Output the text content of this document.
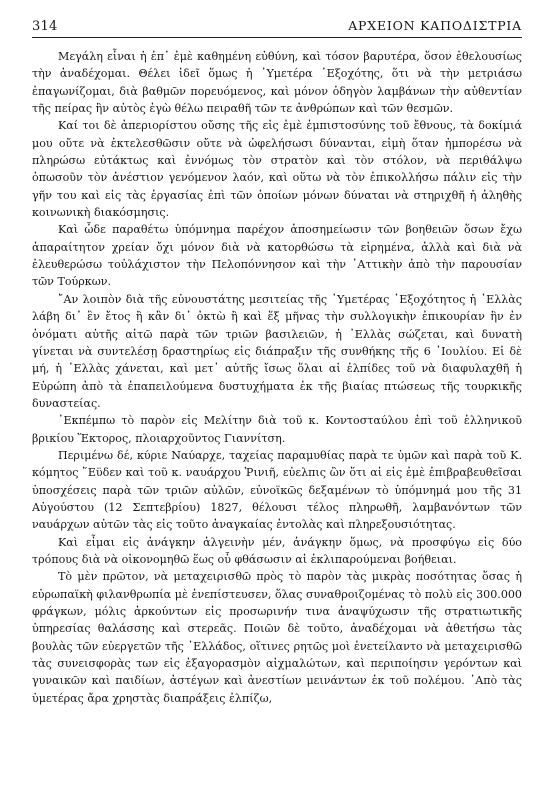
314	ΑΡΧΕΙΟΝ ΚΑΠΟΔΙΣΤΡΙΑ

Μεγάλη εἶναι ἡ ἐπ᾽ ἐμὲ καθημένη εὐθύνη, καὶ τόσον βαρυτέρα, ὅσον ἐθελουσίως τὴν ἀναδέχομαι. Θέλει ἰδεῖ ὅμως ἡ ᾽Υμετέρα ᾽Εξοχότης, ὅτι νὰ τὴν μετριάσω ἐπαγωνίζομαι, διὰ βαθμῶν πορευόμενος, καὶ μόνον ὁδηγὸν λαμβάνων τὴν αὐθεντίαν τῆς πείρας ἣν αὐτὸς ἐγὼ θέλω πειραθῆ τῶν τε ἀνθρώπων καὶ τῶν θεσμῶν.

Καί τοι δὲ ἀπεριορίστου οὔσης τῆς εἰς ἐμὲ ἐμπιστοσύνης τοῦ ἔθνους, τὰ δοκίμιά μου οὔτε νὰ ἐκτελεσθῶσιν οὔτε νὰ ὠφελήσωσι δύνανται, εἰμὴ ὅταν ἠμπορέσω νὰ πληρώσω εὐτάκτως καὶ ἐννόμως τὸν στρατὸν καὶ τὸν στόλον, νὰ περιθάλψω ὁπωσοῦν τὸν ἀνέστιον γενόμενον λαόν, καὶ οὕτω νὰ τὸν ἐπικολλήσω πάλιν εἰς τὴν γῆν του καὶ εἰς τὰς ἐργασίας ἐπὶ τῶν ὁποίων μόνων δύναται νὰ στηριχθῆ ἡ ἀληθὴς κοινωνικὴ διακόσμησις.

Καὶ ὧδε παραθέτω ὑπόμνημα παρέχον ἀποσημείωσιν τῶν βοηθειῶν ὅσων ἔχω ἀπαραίτητον χρείαν ὄχι μόνον διὰ νὰ κατορθώσω τὰ εἰρημένα, ἀλλὰ καὶ διὰ νὰ ἐλευθερώσω τοὐλάχιστον τὴν Πελοπόννησον καὶ τὴν ᾽Αττικὴν ἀπὸ τὴν παρουσίαν τῶν Τούρκων.

῎Αν λοιπὸν διὰ τῆς εὐνουστάτης μεσιτείας τῆς ᾽Υμετέρας ᾽Εξοχότητος ἡ ᾽Ελλὰς λάβη δι᾽ ἓν ἔτος ἢ κἂν δι᾽ ὀκτὼ ἢ καὶ ἕξ μῆνας τὴν συλλογικὴν ἐπικουρίαν ἣν ἐν ὀνόματι αὐτῆς αἰτῶ παρὰ τῶν τριῶν βασιλειῶν, ἡ ᾽Ελλὰς σώζεται, καὶ δυνατὴ γίνεται νὰ συντελέσῃ δραστηρίως εἰς διάπραξιν τῆς συνθήκης τῆς 6 ᾽Ιουλίου. Εἰ δὲ μή, ἡ ᾽Ελλὰς χάνεται, καὶ μετ᾽ αὐτῆς ἴσως ὅλαι αἱ ἐλπίδες τοῦ νὰ διαφυλαχθῆ ἡ Εὐρώπη ἀπὸ τὰ ἐπαπειλούμενα δυστυχήματα ἐκ τῆς βιαίας πτώσεως τῆς τουρκικῆς δυναστείας.

᾽Εκπέμπω τὸ παρὸν εἰς Μελίτην διὰ τοῦ κ. Κοντοσταύλου ἐπὶ τοῦ ἑλληνικοῦ βρικίου Ἕκτορος, πλοιαρχοῦντος Γιαννίτση.

Περιμένω δέ, κύριε Ναύαρχε, ταχείας παραμυθίας παρὰ τε ὑμῶν καὶ παρὰ τοῦ Κ. κόμητος ῞Εϋδεν καὶ τοῦ κ. ναυάρχου Ῥινιῆ, εὐελπις ὢν ὅτι αἱ εἰς ἐμὲ ἐπιβραβευθεῖσαι ὑποσχέσεις παρὰ τῶν τριῶν αὐλῶν, εὐνοϊκῶς δεξαμένων τὸ ὑπόμνημά μου τῆς 31 Αὐγούστου (12 Σεπτεβρίου) 1827, θέλουσι τέλος πληρωθῆ, λαμβανόντων τῶν ναυάρχων αὐτῶν τὰς εἰς τοῦτο ἀναγκαίας ἐντολὰς καὶ πληρεξουσιότητας.

Καὶ εἶμαι εἰς ἀνάγκην ἀλγεινὴν μέν, ἀνάγκην ὅμως, νὰ προσφύγω εἰς δύο τρόπους διὰ νὰ οἰκονομηθῶ ἕως οὗ φθάσωσιν αἱ ἐκλιπαρούμεναι βοήθειαι.

Τὸ μὲν πρῶτον, νὰ μεταχειρισθῶ πρὸς τὸ παρὸν τὰς μικρὰς ποσότητας ὅσας ἡ εὐρωπαϊκὴ φιλανθρωπία μὲ ἐνεπίστευσεν, ὅλας συναθροιζομένας τὸ πολὺ εἰς 300.000 φράγκων, μόλις ἀρκούντων εἰς προσωρινήν τινα ἀναψύχωσιν τῆς στρατιωτικῆς ὑπηρεσίας θαλάσσης καὶ στερεᾶς. Ποιῶν δὲ τοῦτο, ἀναδέχομαι νὰ ἀθετήσω τὰς βουλὰς τῶν εὐεργετῶν τῆς ᾽Ελλάδος, οἵτινες ρητῶς μοὶ ἐνετείλαντο νὰ μεταχειρισθῶ τὰς συνεισφορὰς των εἰς ἐξαγορασμὸν αἰχμαλώτων, καὶ περιποίησιν γερόντων καὶ γυναικῶν καὶ παιδίων, ἀστέγων καὶ ἀνεστίων μεινάντων ἐκ τοῦ πολέμου. ᾽Απὸ τὰς ὑμετέρας ἄρα χρηστὰς διαπράξεις ἐλπίζω,
